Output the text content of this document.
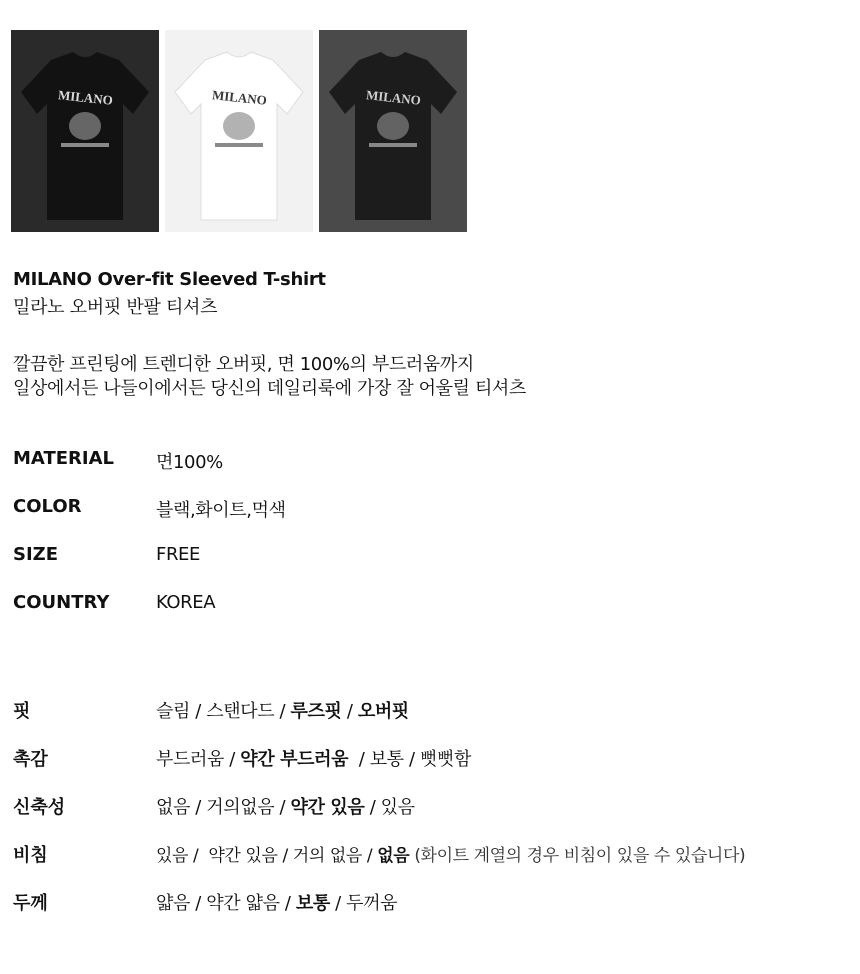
MILANO	MILANO	MILANO
MILANO Over-fit Sleeved T-shirt
밀라노 오버핏 반팔 티셔츠
깔끔한 프린팅에 트렌디한 오버핏, 면 100%의 부드러움까지
일상에서든 나들이에서든 당신의 데일리룩에 가장 잘 어울릴 티셔츠
MATERIAL 면100%
COLOR	블랙,화이트,먹색
SIZE	FREE
COUNTRY	KOREA
핏	슬림 / 스탠다드 / 루즈핏 / 오버핏
촉감	부드러움 / 약간 부드러움  / 보통 / 뻣뻣함
신축성	없음 / 거의없음 / 약간 있음 / 있음
비침	있음 /  약간 있음 / 거의 없음 / 없음 (화이트 계열의 경우 비침이 있을 수 있습니다)
두께	얇음 / 약간 얇음 / 보통 / 두꺼움
